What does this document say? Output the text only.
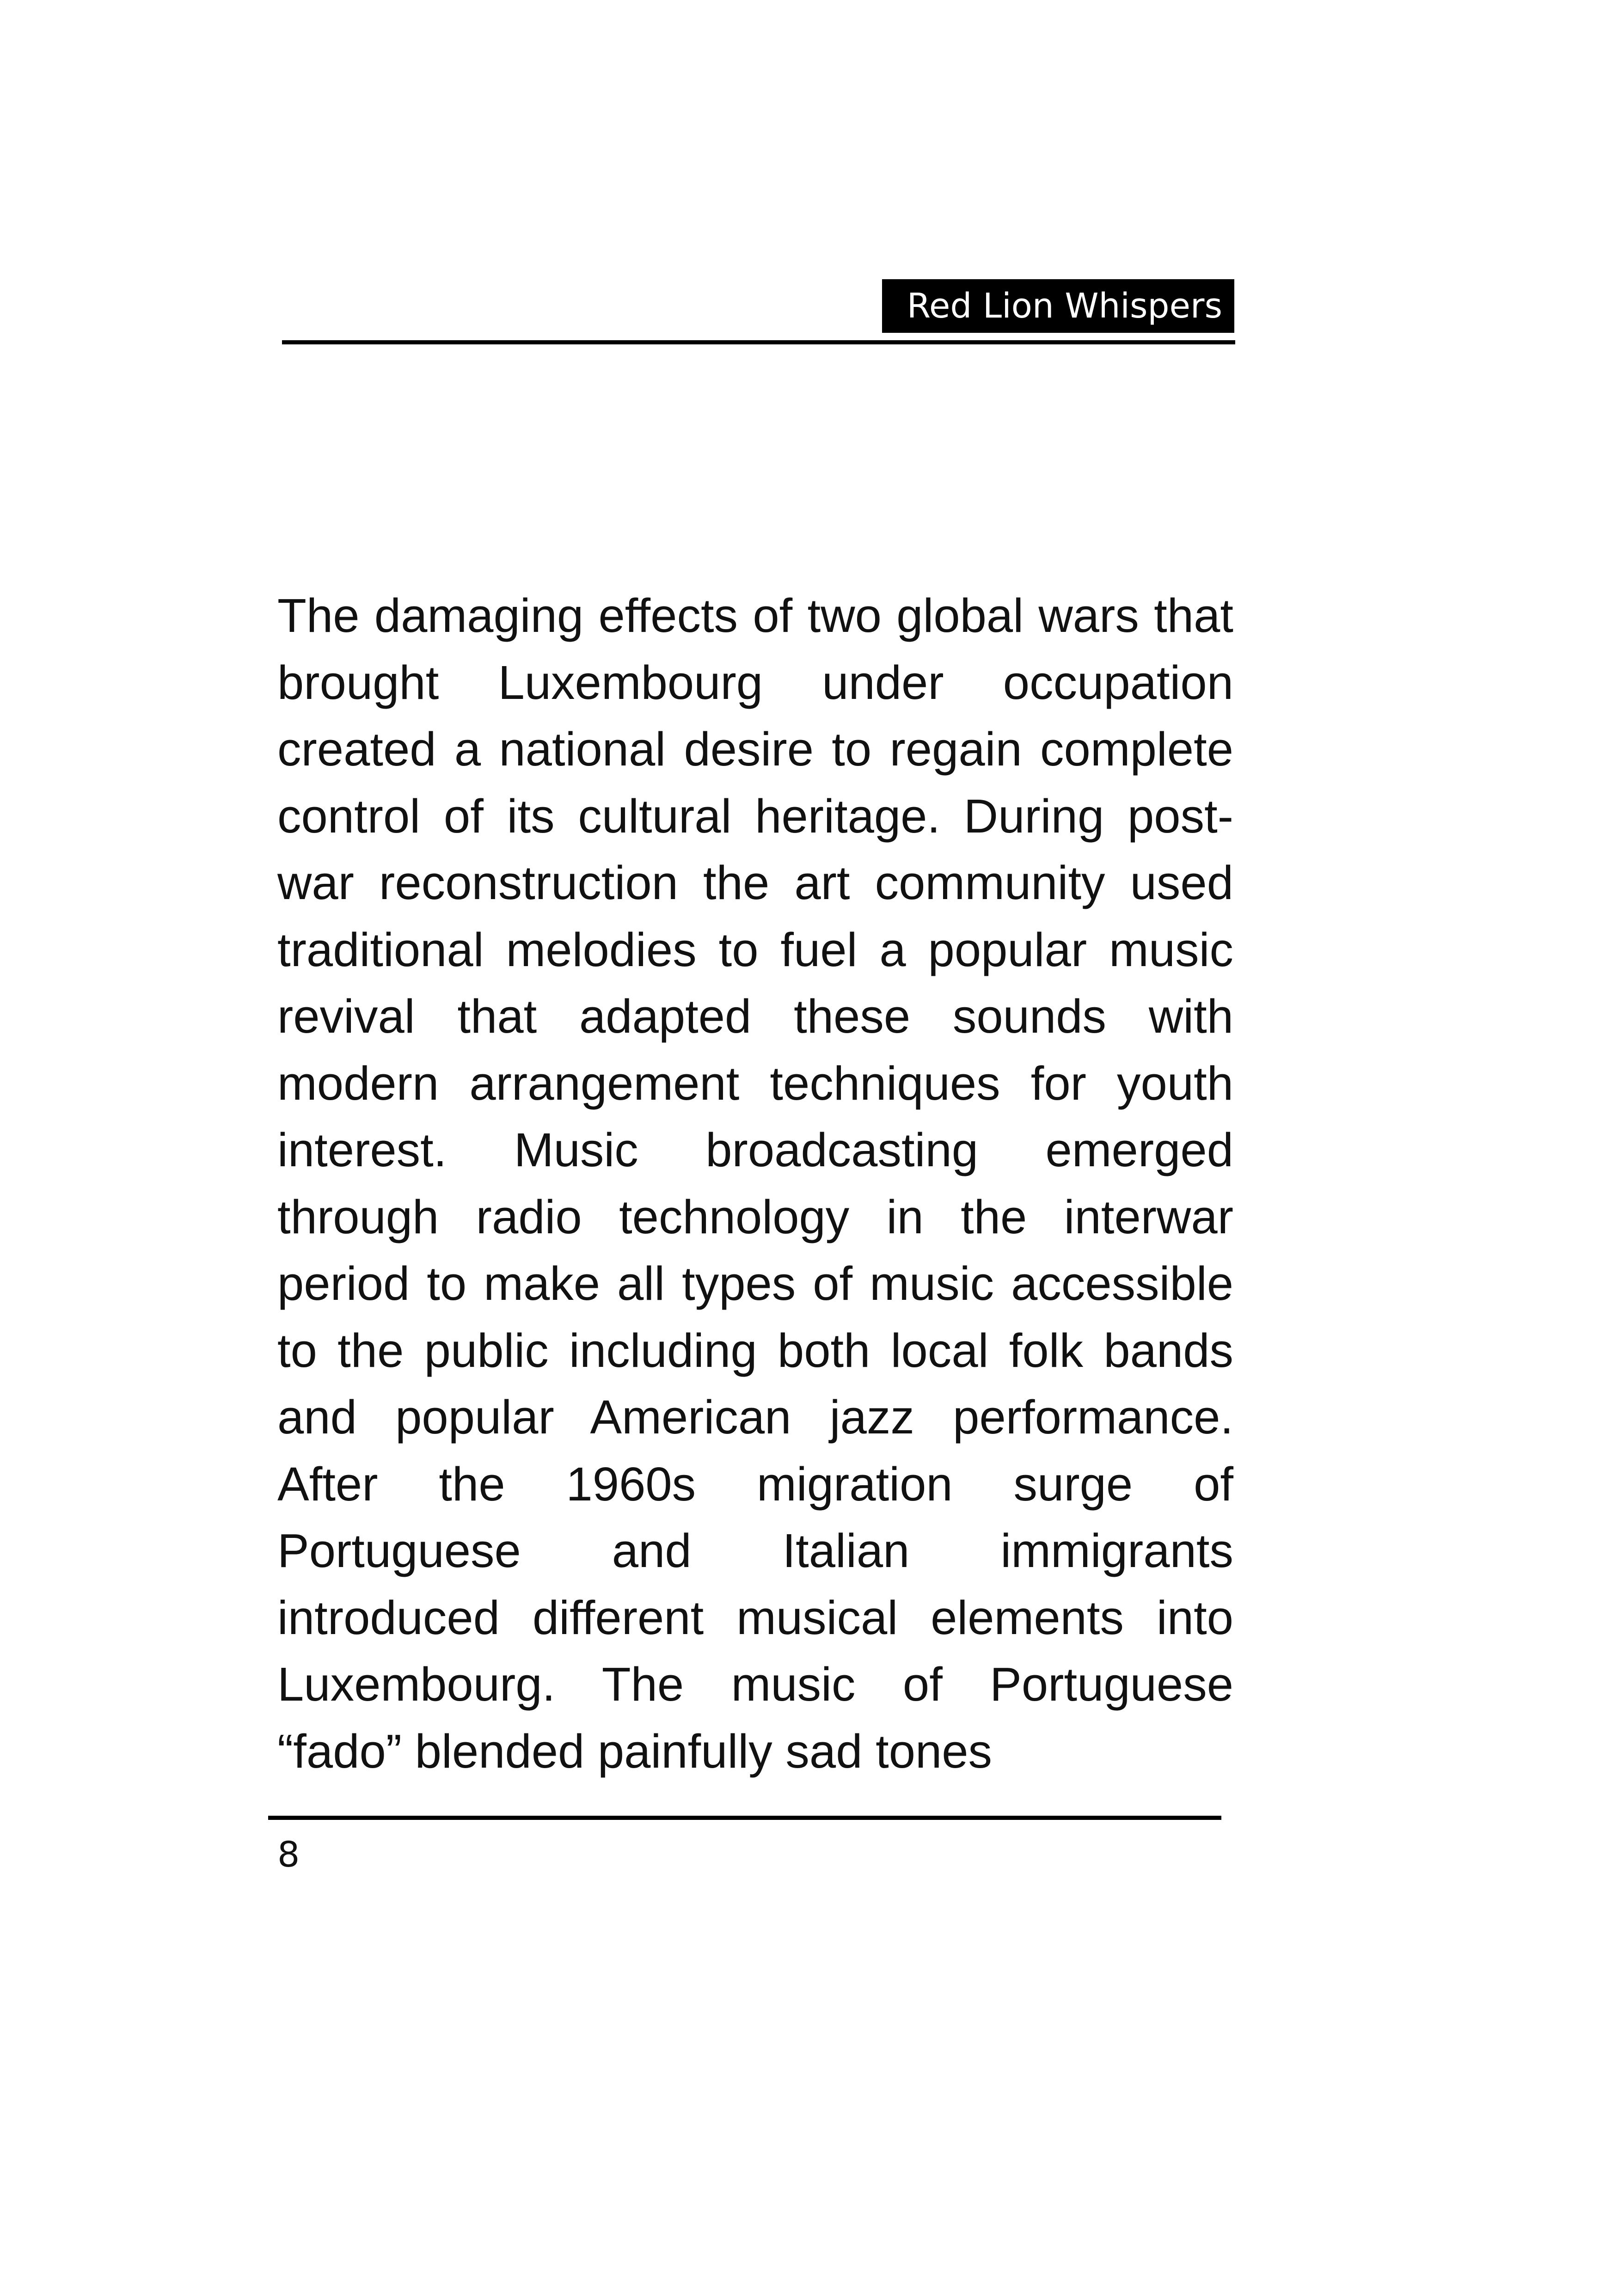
Red Lion Whispers

The damaging effects of two global wars that brought Luxembourg under occupation created a national desire to regain complete control of its cultural heritage. During post-war reconstruction the art community used traditional melodies to fuel a popular music revival that adapted these sounds with modern arrangement techniques for youth interest. Music broadcasting emerged through radio technology in the interwar period to make all types of music accessible to the public including both local folk bands and popular American jazz performance. After the 1960s migration surge of Portuguese and Italian immigrants introduced different musical elements into Luxembourg. The music of Portuguese “fado” blended painfully sad tones

8
